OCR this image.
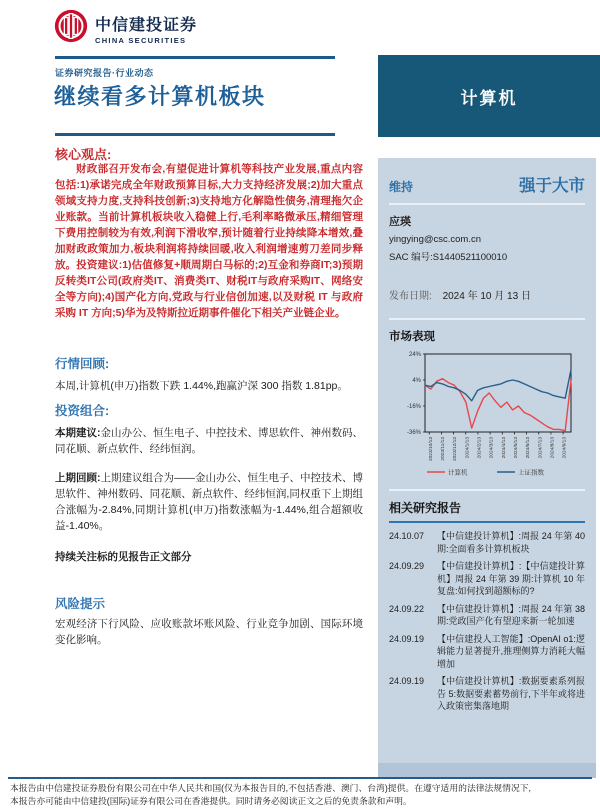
中信建投证券
CHINA SECURITIES
证券研究报告·行业动态
继续看多计算机板块	计算机
核心观点:

财政部召开发布会,有望促进计算机等科技产业发展,重点内容包括:1)承诺完成全年财政预算目标,大力支持经济发展;2)加大重点领域支持力度,支持科技创新;3)支持地方化解隐性债务,清理拖欠企业账款。当前计算机板块收入稳健上行,毛利率略微承压,精细管理下费用控制较为有效,利润下滑收窄,预计随着行业持续降本增效,叠加财政政策加力,板块利润将持续回暖,收入利润增速剪刀差同步释放。投资建议:1)估值修复+顺周期白马标的;2)互金和券商IT;3)预期反转类IT公司(政府类IT、消费类IT、财税IT与政府采购IT、网络安全等方向);4)国产化方向,党政与行业信创加速,以及财税 IT 与政府采购 IT 方向;5)华为及特斯拉近期事件催化下相关产业链企业。

行情回顾:

本周,计算机(申万)指数下跌 1.44%,跑赢沪深 300 指数 1.81pp。

投资组合:

本期建议:金山办公、恒生电子、中控技术、博思软件、神州数码、同花顺、新点软件、经纬恒润。

上期回顾:上期建议组合为——金山办公、恒生电子、中控技术、博思软件、神州数码、同花顺、新点软件、经纬恒润,同权重下上期组合涨幅为-2.84%,同期计算机(申万)指数涨幅为-1.44%,组合超额收益-1.40%。

持续关注标的见报告正文部分

风险提示

宏观经济下行风险、应收账款坏账风险、行业竞争加剧、国际环境变化影响。

维持	强于大市
应瑛
yingying@csc.com.cn
SAC 编号:S1440521100010
发布日期: 2024 年 10 月 13 日
市场表现
24%
4%
-16%
-36%
2023/10/13 2023/11/13 2023/12/13 2024/1/13 2024/2/13 2024/3/13 2024/4/13 2024/5/13 2024/6/13 2024/7/13 2024/8/13 2024/9/13
计算机	上证指数
相关研究报告
24.10.07	【中信建投计算机】:周报 24 年第 40 期:全面看多计算机板块
24.09.29	【中信建投计算机】:【中信建投计算机】周报 24 年第 39 期:计算机 10 年复盘:如何找到超额标的?
24.09.22	【中信建投计算机】:周报 24 年第 38 期:党政国产化有望迎来新一轮加速
24.09.19	【中信建投人工智能】:OpenAI o1:逻辑能力显著提升,推理侧算力消耗大幅增加
24.09.19	【中信建投计算机】:数据要素系列报告 5:数据要素蓄势前行,下半年或将进入政策密集落地期
本报告由中信建投证券股份有限公司在中华人民共和国(仅为本报告目的,不包括香港、澳门、台湾)提供。在遵守适用的法律法规情况下,
本报告亦可能由中信建投(国际)证券有限公司在香港提供。同时请务必阅读正文之后的免责条款和声明。
